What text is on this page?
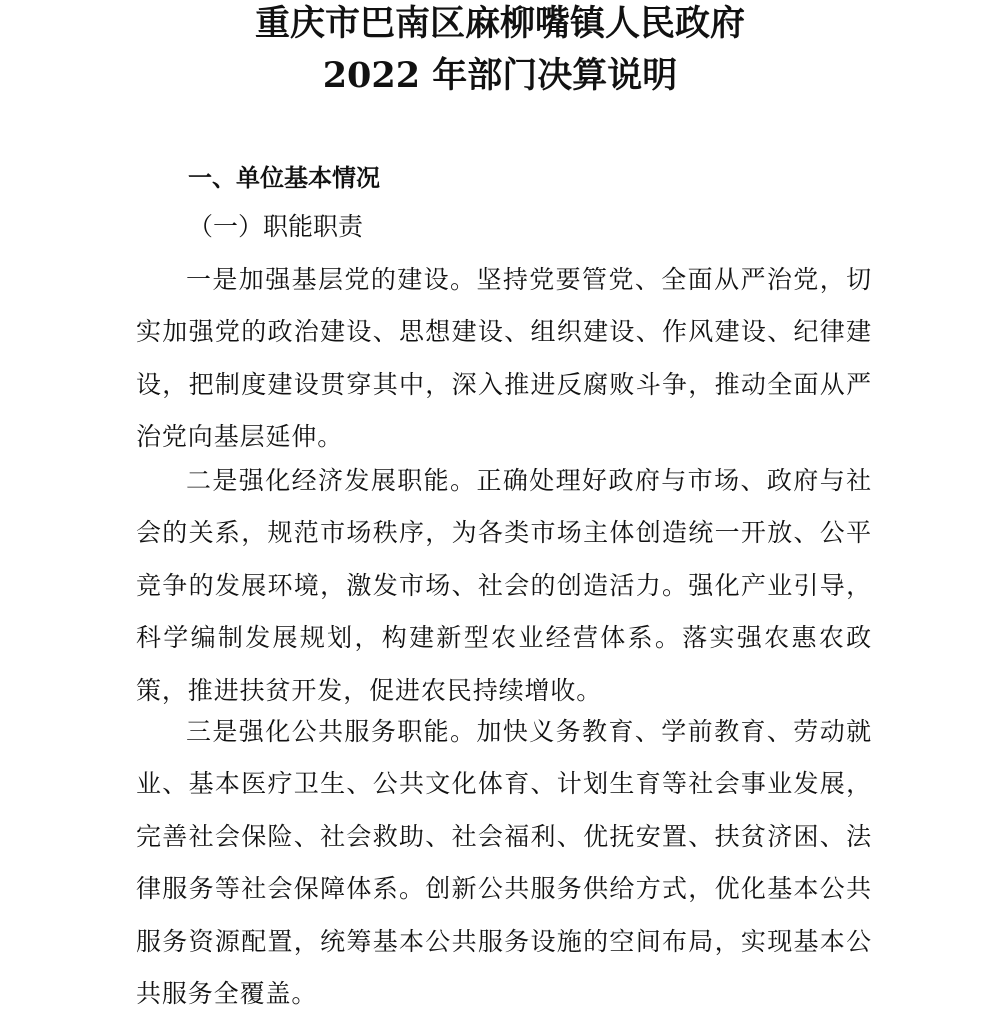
重庆市巴南区麻柳嘴镇人民政府
2022 年部门决算说明
一、单位基本情况
（一）职能职责

一是加强基层党的建设。坚持党要管党、全面从严治党，切实加强党的政治建设、思想建设、组织建设、作风建设、纪律建设，把制度建设贯穿其中，深入推进反腐败斗争，推动全面从严治党向基层延伸。

二是强化经济发展职能。正确处理好政府与市场、政府与社会的关系，规范市场秩序，为各类市场主体创造统一开放、公平竞争的发展环境，激发市场、社会的创造活力。强化产业引导，科学编制发展规划，构建新型农业经营体系。落实强农惠农政策，推进扶贫开发，促进农民持续增收。

三是强化公共服务职能。加快义务教育、学前教育、劳动就业、基本医疗卫生、公共文化体育、计划生育等社会事业发展，完善社会保险、社会救助、社会福利、优抚安置、扶贫济困、法律服务等社会保障体系。创新公共服务供给方式，优化基本公共服务资源配置，统筹基本公共服务设施的空间布局，实现基本公共服务全覆盖。
